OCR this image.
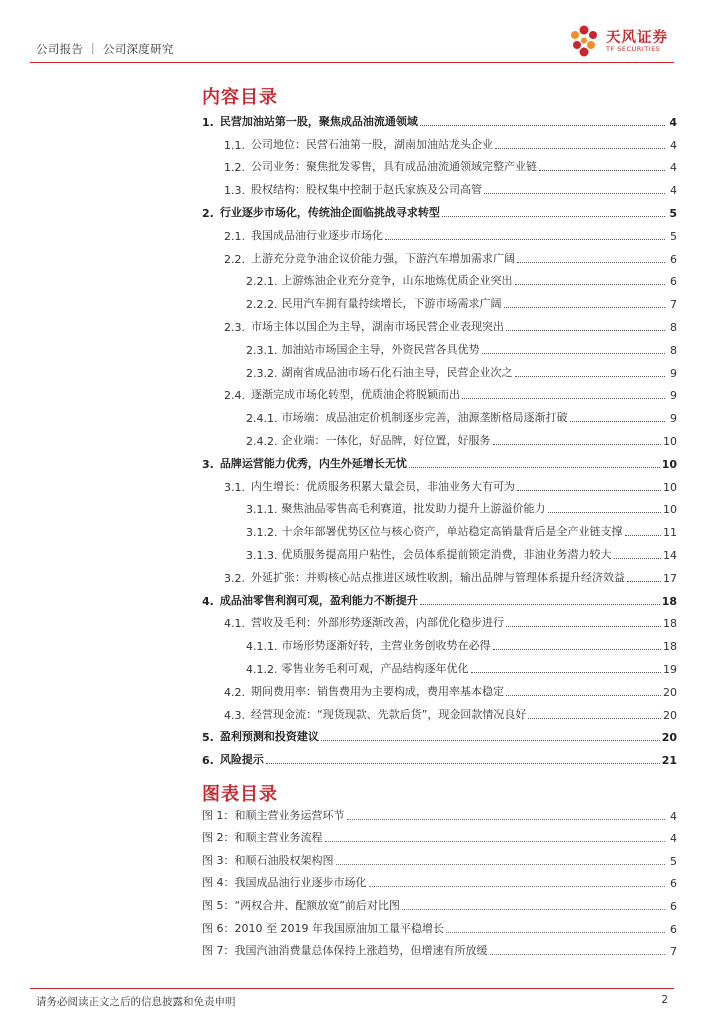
公司报告 ｜ 公司深度研究
天风证券
TF SECURITIES
内容目录
1. 民营加油站第一股，聚焦成品油流通领域	4
1.1. 公司地位：民营石油第一股，湖南加油站龙头企业	4
1.2. 公司业务：聚焦批发零售，具有成品油流通领域完整产业链	4
1.3. 股权结构：股权集中控制于赵氏家族及公司高管	4
2. 行业逐步市场化，传统油企面临挑战寻求转型	5
2.1. 我国成品油行业逐步市场化	5
2.2. 上游充分竞争油企议价能力强，下游汽车增加需求广阔	6
2.2.1. 上游炼油企业充分竞争，山东地炼优质企业突出	6
2.2.2. 民用汽车拥有量持续增长，下游市场需求广阔	7
2.3. 市场主体以国企为主导，湖南市场民营企业表现突出	8
2.3.1. 加油站市场国企主导，外资民营各具优势	8
2.3.2. 湖南省成品油市场石化石油主导，民营企业次之	9
2.4. 逐渐完成市场化转型，优质油企将脱颖而出	9
2.4.1. 市场端：成品油定价机制逐步完善，油源垄断格局逐渐打破	9
2.4.2. 企业端：一体化，好品牌，好位置，好服务	10
3. 品牌运营能力优秀，内生外延增长无忧	10
3.1. 内生增长：优质服务积累大量会员，非油业务大有可为	10
3.1.1. 聚焦油品零售高毛利赛道，批发助力提升上游溢价能力	10
3.1.2. 十余年部署优势区位与核心资产，单站稳定高销量背后是全产业链支撑	11
3.1.3. 优质服务提高用户粘性，会员体系提前锁定消费，非油业务潜力较大	14
3.2. 外延扩张：并购核心站点推进区域性收割，输出品牌与管理体系提升经济效益	17
4. 成品油零售利润可观，盈利能力不断提升	18
4.1. 营收及毛利：外部形势逐渐改善，内部优化稳步进行	18
4.1.1. 市场形势逐渐好转，主营业务创收势在必得	18
4.1.2. 零售业务毛利可观，产品结构逐年优化	19
4.2. 期间费用率：销售费用为主要构成，费用率基本稳定	20
4.3. 经营现金流：“现货现款、先款后货”，现金回款情况良好	20
5. 盈利预测和投资建议	20
6. 风险提示	21
图表目录
图 1：和顺主营业务运营环节	4
图 2：和顺主营业务流程	4
图 3：和顺石油股权架构图	5
图 4：我国成品油行业逐步市场化	6
图 5：“两权合并、配额放宽”前后对比图	6
图 6：2010 至 2019 年我国原油加工量平稳增长	6
图 7：我国汽油消费量总体保持上涨趋势，但增速有所放缓	7
请务必阅读正文之后的信息披露和免责申明	2
